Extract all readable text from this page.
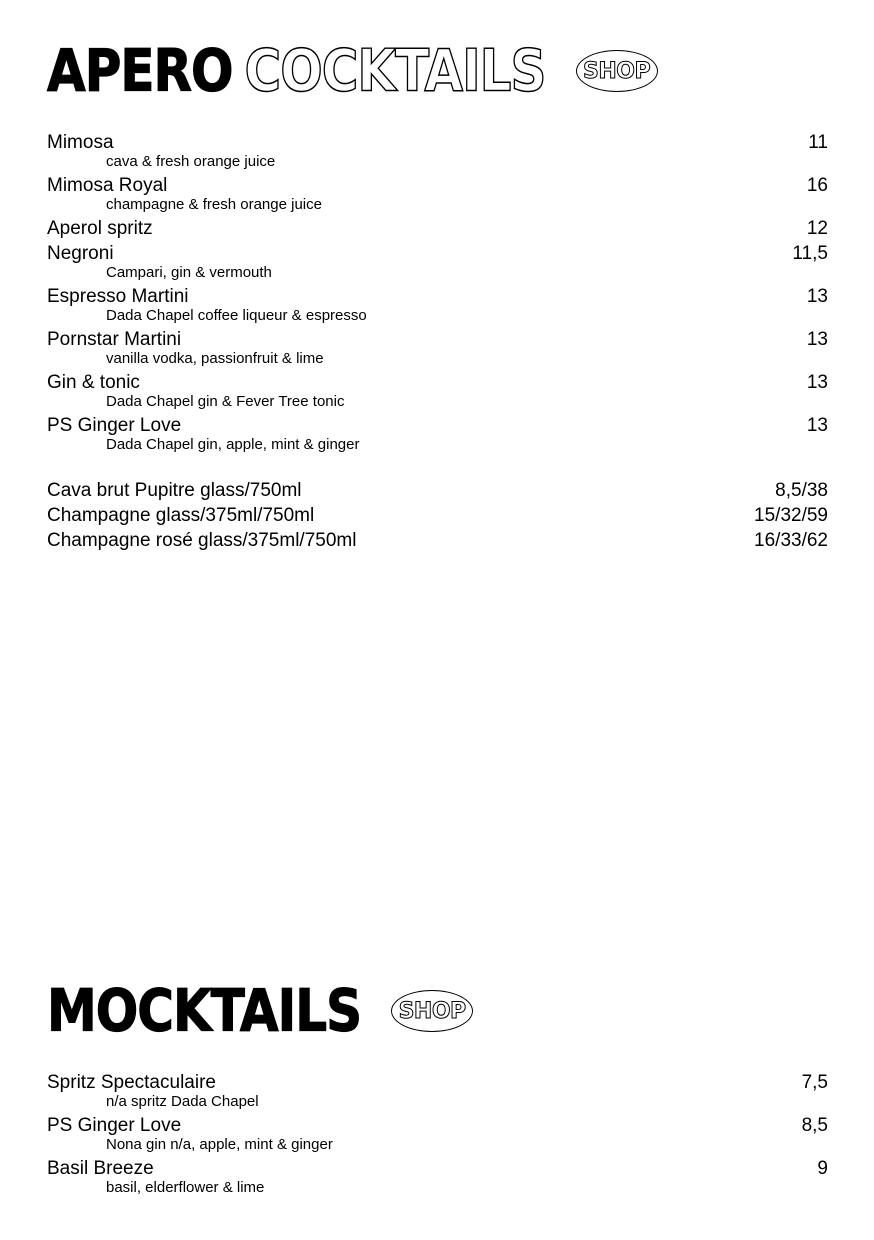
APERO COCKTAILS SHOP
Mimosa	11
cava & fresh orange juice
Mimosa Royal	16
champagne & fresh orange juice
Aperol spritz	12
Negroni	11,5
Campari, gin & vermouth
Espresso Martini	13
Dada Chapel coffee liqueur & espresso
Pornstar Martini	13
vanilla vodka, passionfruit & lime
Gin & tonic	13
Dada Chapel gin & Fever Tree tonic
PS Ginger Love	13
Dada Chapel gin, apple, mint & ginger
Cava brut Pupitre glass/750ml	8,5/38
Champagne glass/375ml/750ml	15/32/59
Champagne rosé glass/375ml/750ml	16/33/62
MOCKTAILS SHOP
Spritz Spectaculaire	7,5
n/a spritz Dada Chapel
PS Ginger Love	8,5
Nona gin n/a, apple, mint & ginger
Basil Breeze	9
basil, elderflower & lime
